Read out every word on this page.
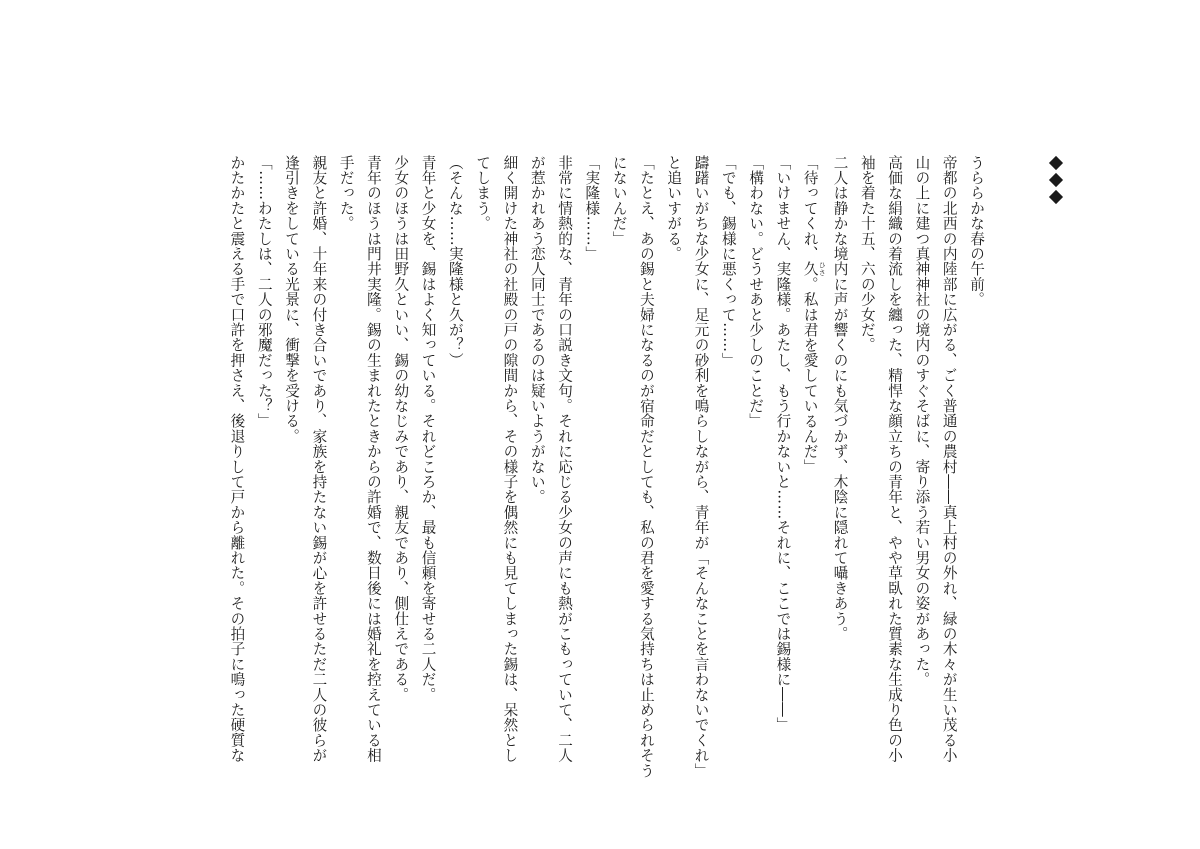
うららかな春の午前。
帝都の北西の内陸部に広がる、ごく普通の農村――真上村の外れ、緑の木々が生い茂る小
山の上に建つ真神神社の境内のすぐそばに、寄り添う若い男女の姿があった。
高価な絹織の着流しを纏った、精悍な顔立ちの青年と、やや草臥れた質素な生成り色の小
袖を着た十五、六の少女だ。
二人は静かな境内に声が響くのにも気づかず、木陰に隠れて囁きあう。
「待ってくれ、久 ひさ。私は君を愛しているんだ」
「いけません、実隆様。あたし、もう行かないと……それに、ここでは錫様に――」
「構わない。どうせあと少しのことだ」
「でも、錫様に悪くって……」
躊躇いがちな少女に、足元の砂利を鳴らしながら、青年が「そんなことを言わないでくれ」
と追いすがる。
「たとえ、あの錫と夫婦になるのが宿命だとしても、私の君を愛する気持ちは止められそう
にないんだ」
「実隆様……」
非常に情熱的な、青年の口説き文句。それに応じる少女の声にも熱がこもっていて、二人
が惹かれあう恋人同士であるのは疑いようがない。
細く開けた神社の社殿の戸の隙間から、その様子を偶然にも見てしまった錫は、呆然とし
てしまう。
（そんな……実隆様と久が？）
青年と少女を、錫はよく知っている。それどころか、最も信頼を寄せる二人だ。
少女のほうは田野久といい、錫の幼なじみであり、親友であり、側仕えである。
青年のほうは門井実隆。錫の生まれたときからの許婚で、数日後には婚礼を控えている相
手だった。
親友と許婚、十年来の付き合いであり、家族を持たない錫が心を許せるただ二人の彼らが
逢引きをしている光景に、衝撃を受ける。
「……わたしは、二人の邪魔だった？」
かたかたと震える手で口許を押さえ、後退りして戸から離れた。その拍子に鳴った硬質な
